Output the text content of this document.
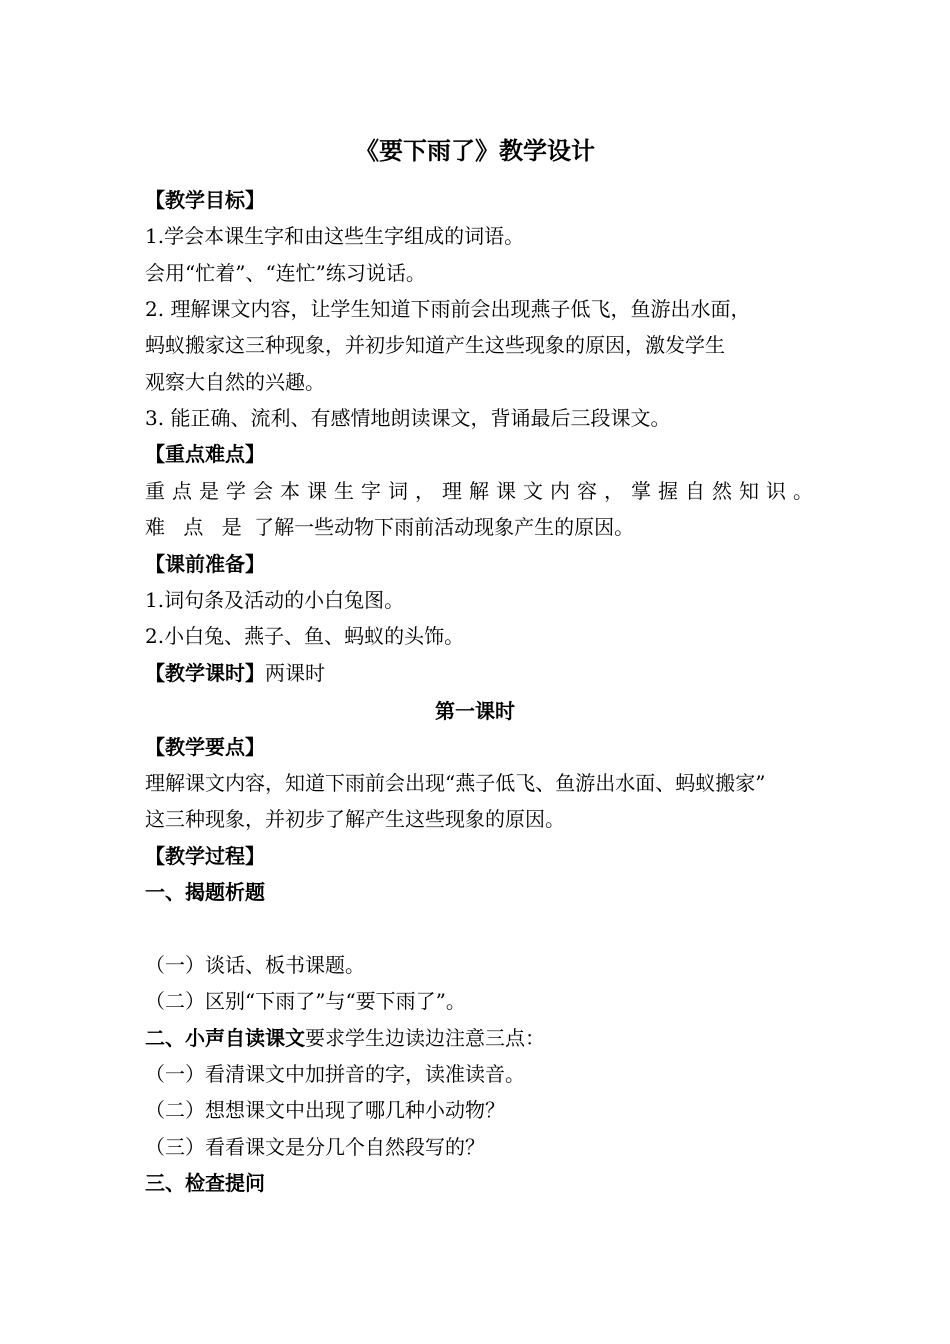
《要下雨了》教学设计
【教学目标】
1.学会本课生字和由这些生字组成的词语。
会用“忙着”、“连忙”练习说话。
2. 理解课文内容，让学生知道下雨前会出现燕子低飞，鱼游出水面，
蚂蚁搬家这三种现象，并初步知道产生这些现象的原因，激发学生
观察大自然的兴趣。
3. 能正确、流利、有感情地朗读课文，背诵最后三段课文。
【重点难点】
重点是学会本课生字词，理解课文内容，掌握自然知识。
难 点 是 了解一些动物下雨前活动现象产生的原因。
【课前准备】
1.词句条及活动的小白兔图。
2.小白兔、燕子、鱼、蚂蚁的头饰。
【教学课时】两课时
第一课时
【教学要点】
理解课文内容，知道下雨前会出现“燕子低飞、鱼游出水面、蚂蚁搬家”
这三种现象，并初步了解产生这些现象的原因。
【教学过程】
一、揭题析题
（一）谈话、板书课题。
（二）区别“下雨了”与“要下雨了”。
二、小声自读课文要求学生边读边注意三点：
（一）看清课文中加拼音的字，读准读音。
（二）想想课文中出现了哪几种小动物？
（三）看看课文是分几个自然段写的？
三、检查提问
